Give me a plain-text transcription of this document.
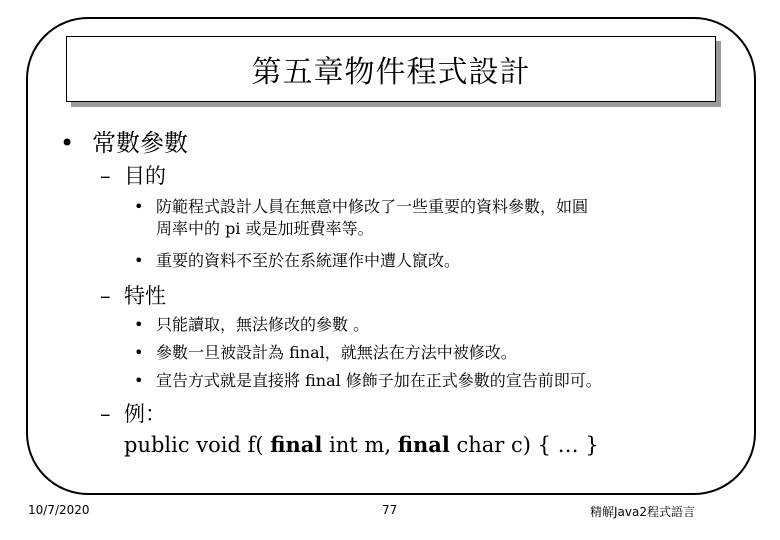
第五章物件程式設計
• 常數參數
– 目的
• 防範程式設計人員在無意中修改了一些重要的資料參數，如圓
周率中的 pi 或是加班費率等。
• 重要的資料不至於在系統運作中遭人竄改。
– 特性
• 只能讀取，無法修改的參數 。
• 參數一旦被設計為 final，就無法在方法中被修改。
• 宣告方式就是直接將 final 修飾子加在正式參數的宣告前即可。
– 例：
public void f( final int m, final char c) { … }
10/7/2020	77	精解Java2程式語言
